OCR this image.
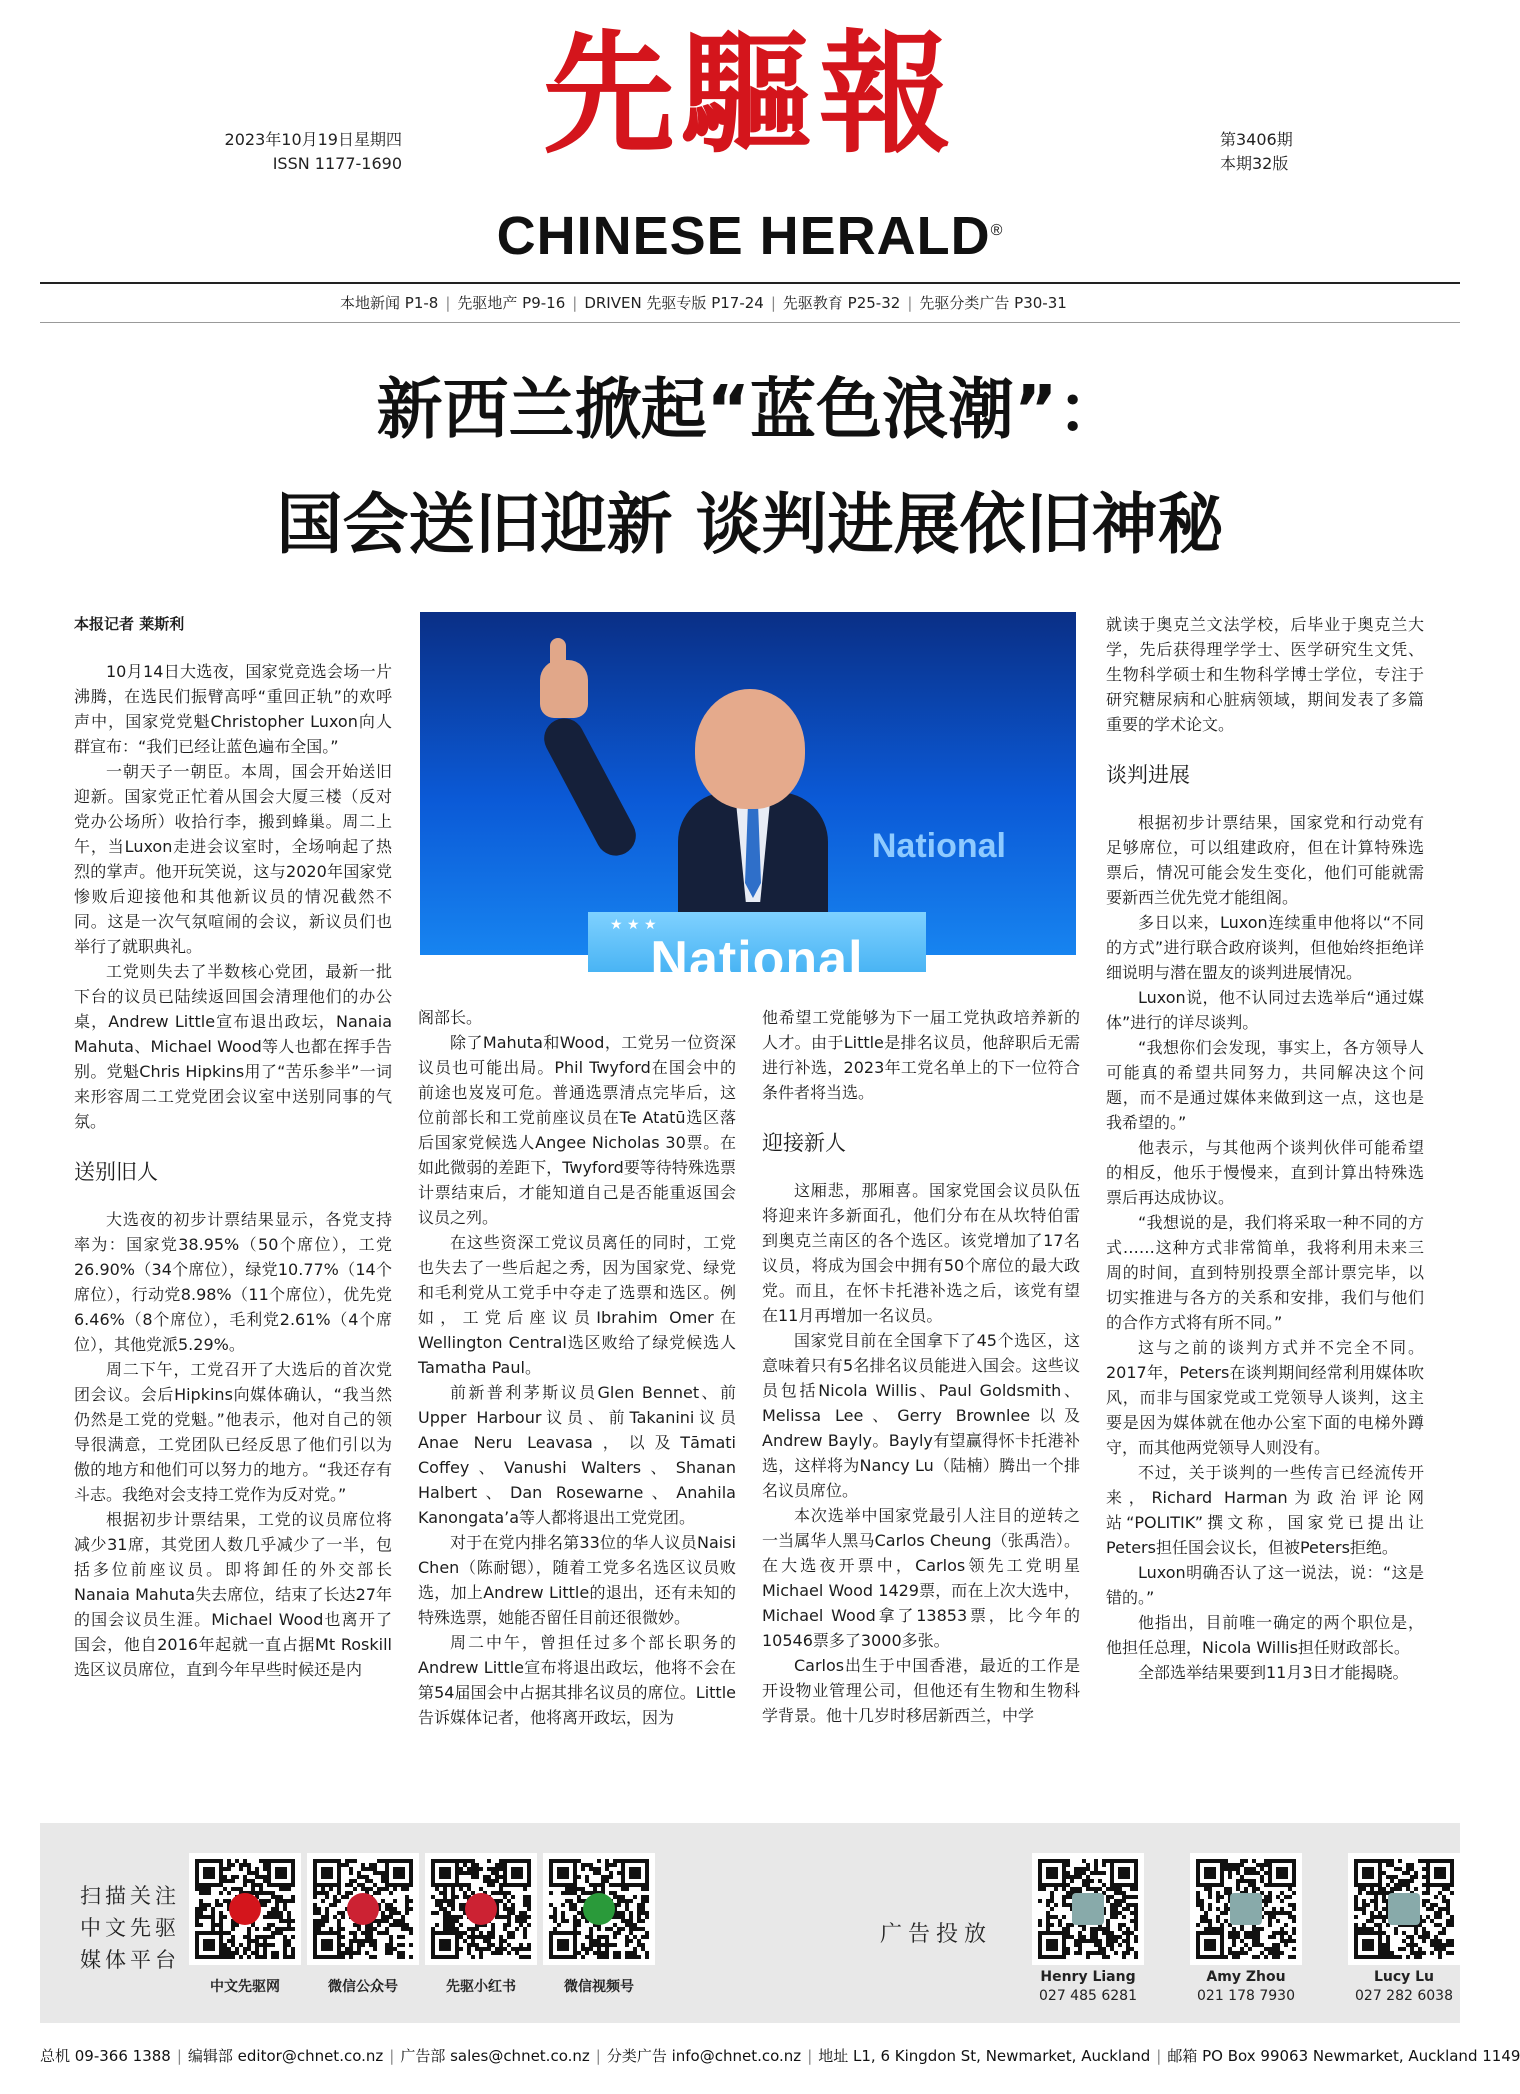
2023年10月19日星期四
ISSN 1177-1690	先驅報
CHINESE HERALD®
第3406期
本期32版
本地新闻 P1-8 | 先驱地产 P9-16 | DRIVEN 先驱专版 P17-24 | 先驱教育 P25-32 | 先驱分类广告 P30-31
新西兰掀起“蓝色浪潮”：
国会送旧迎新 谈判进展依旧神秘
National
National
★ ★ ★

本报记者 莱斯利

10月14日大选夜，国家党竞选会场一片沸腾，在选民们振臂高呼“重回正轨”的欢呼声中，国家党党魁Christopher Luxon向人群宣布：“我们已经让蓝色遍布全国。”

一朝天子一朝臣。本周，国会开始送旧迎新。国家党正忙着从国会大厦三楼（反对党办公场所）收拾行李，搬到蜂巢。周二上午，当Luxon走进会议室时，全场响起了热烈的掌声。他开玩笑说，这与2020年国家党惨败后迎接他和其他新议员的情况截然不同。这是一次气氛喧闹的会议，新议员们也举行了就职典礼。

工党则失去了半数核心党团，最新一批下台的议员已陆续返回国会清理他们的办公桌，Andrew Little宣布退出政坛，Nanaia Mahuta、Michael Wood等人也都在挥手告别。党魁Chris Hipkins用了“苦乐参半”一词来形容周二工党党团会议室中送别同事的气氛。

送别旧人

大选夜的初步计票结果显示，各党支持率为：国家党38.95%（50个席位），工党26.90%（34个席位），绿党10.77%（14个席位），行动党8.98%（11个席位），优先党6.46%（8个席位），毛利党2.61%（4个席位），其他党派5.29%。

周二下午，工党召开了大选后的首次党团会议。会后Hipkins向媒体确认，“我当然仍然是工党的党魁。”他表示，他对自己的领导很满意，工党团队已经反思了他们引以为傲的地方和他们可以努力的地方。“我还存有斗志。我绝对会支持工党作为反对党。”

根据初步计票结果，工党的议员席位将减少31席，其党团人数几乎减少了一半，包括多位前座议员。即将卸任的外交部长Nanaia Mahuta失去席位，结束了长达27年的国会议员生涯。Michael Wood也离开了国会，他自2016年起就一直占据Mt Roskill选区议员席位，直到今年早些时候还是内

阁部长。

除了Mahuta和Wood，工党另一位资深议员也可能出局。Phil Twyford在国会中的前途也岌岌可危。普通选票清点完毕后，这位前部长和工党前座议员在Te Atatū选区落后国家党候选人Angee Nicholas 30票。在如此微弱的差距下，Twyford要等待特殊选票计票结束后，才能知道自己是否能重返国会议员之列。

在这些资深工党议员离任的同时，工党也失去了一些后起之秀，因为国家党、绿党和毛利党从工党手中夺走了选票和选区。例如，工党后座议员Ibrahim Omer在Wellington Central选区败给了绿党候选人Tamatha Paul。

前新普利茅斯议员Glen Bennet、前Upper Harbour议员、前Takanini议员Anae Neru Leavasa，以及Tāmati Coffey、Vanushi Walters、Shanan Halbert、Dan Rosewarne、Anahila Kanongata’a等人都将退出工党党团。

对于在党内排名第33位的华人议员Naisi Chen（陈耐锶），随着工党多名选区议员败选，加上Andrew Little的退出，还有未知的特殊选票，她能否留任目前还很微妙。

周二中午，曾担任过多个部长职务的Andrew Little宣布将退出政坛，他将不会在第54届国会中占据其排名议员的席位。Little告诉媒体记者，他将离开政坛，因为

他希望工党能够为下一届工党执政培养新的人才。由于Little是排名议员，他辞职后无需进行补选，2023年工党名单上的下一位符合条件者将当选。

迎接新人

这厢悲，那厢喜。国家党国会议员队伍将迎来许多新面孔，他们分布在从坎特伯雷到奥克兰南区的各个选区。该党增加了17名议员，将成为国会中拥有50个席位的最大政党。而且，在怀卡托港补选之后，该党有望在11月再增加一名议员。

国家党目前在全国拿下了45个选区，这意味着只有5名排名议员能进入国会。这些议员包括Nicola Willis、Paul Goldsmith、Melissa Lee、Gerry Brownlee以及Andrew Bayly。Bayly有望赢得怀卡托港补选，这样将为Nancy Lu（陆楠）腾出一个排名议员席位。

本次选举中国家党最引人注目的逆转之一当属华人黑马Carlos Cheung（张禹浩）。在大选夜开票中，Carlos领先工党明星Michael Wood 1429票，而在上次大选中，Michael Wood拿了13853票，比今年的10546票多了3000多张。

Carlos出生于中国香港，最近的工作是开设物业管理公司，但他还有生物和生物科学背景。他十几岁时移居新西兰，中学

就读于奥克兰文法学校，后毕业于奥克兰大学，先后获得理学学士、医学研究生文凭、生物科学硕士和生物科学博士学位，专注于研究糖尿病和心脏病领域，期间发表了多篇重要的学术论文。

谈判进展

根据初步计票结果，国家党和行动党有足够席位，可以组建政府，但在计算特殊选票后，情况可能会发生变化，他们可能就需要新西兰优先党才能组阁。

多日以来，Luxon连续重申他将以“不同的方式”进行联合政府谈判，但他始终拒绝详细说明与潜在盟友的谈判进展情况。

Luxon说，他不认同过去选举后“通过媒体”进行的详尽谈判。

“我想你们会发现，事实上，各方领导人可能真的希望共同努力，共同解决这个问题，而不是通过媒体来做到这一点，这也是我希望的。”

他表示，与其他两个谈判伙伴可能希望的相反，他乐于慢慢来，直到计算出特殊选票后再达成协议。

“我想说的是，我们将采取一种不同的方式……这种方式非常简单，我将利用未来三周的时间，直到特别投票全部计票完毕，以切实推进与各方的关系和安排，我们与他们的合作方式将有所不同。”

这与之前的谈判方式并不完全不同。2017年，Peters在谈判期间经常利用媒体吹风，而非与国家党或工党领导人谈判，这主要是因为媒体就在他办公室下面的电梯外蹲守，而其他两党领导人则没有。

不过，关于谈判的一些传言已经流传开来，Richard Harman为政治评论网站“POLITIK”撰文称，国家党已提出让Peters担任国会议长，但被Peters拒绝。

Luxon明确否认了这一说法，说：“这是错的。”

他指出，目前唯一确定的两个职位是，他担任总理，Nicola Willis担任财政部长。

全部选举结果要到11月3日才能揭晓。

扫描关注中文先驱媒体平台
广告投放
中文先驱网	微信公众号	先驱小红书	微信视频号
Henry Liang
027 485 6281
Amy Zhou
021 178 7930
Lucy Lu
027 282 6038
总机 09-366 1388 | 编辑部 editor@chnet.co.nz | 广告部 sales@chnet.co.nz | 分类广告 info@chnet.co.nz | 地址 L1, 6 Kingdon St, Newmarket, Auckland | 邮箱 PO Box 99063 Newmarket, Auckland 1149
